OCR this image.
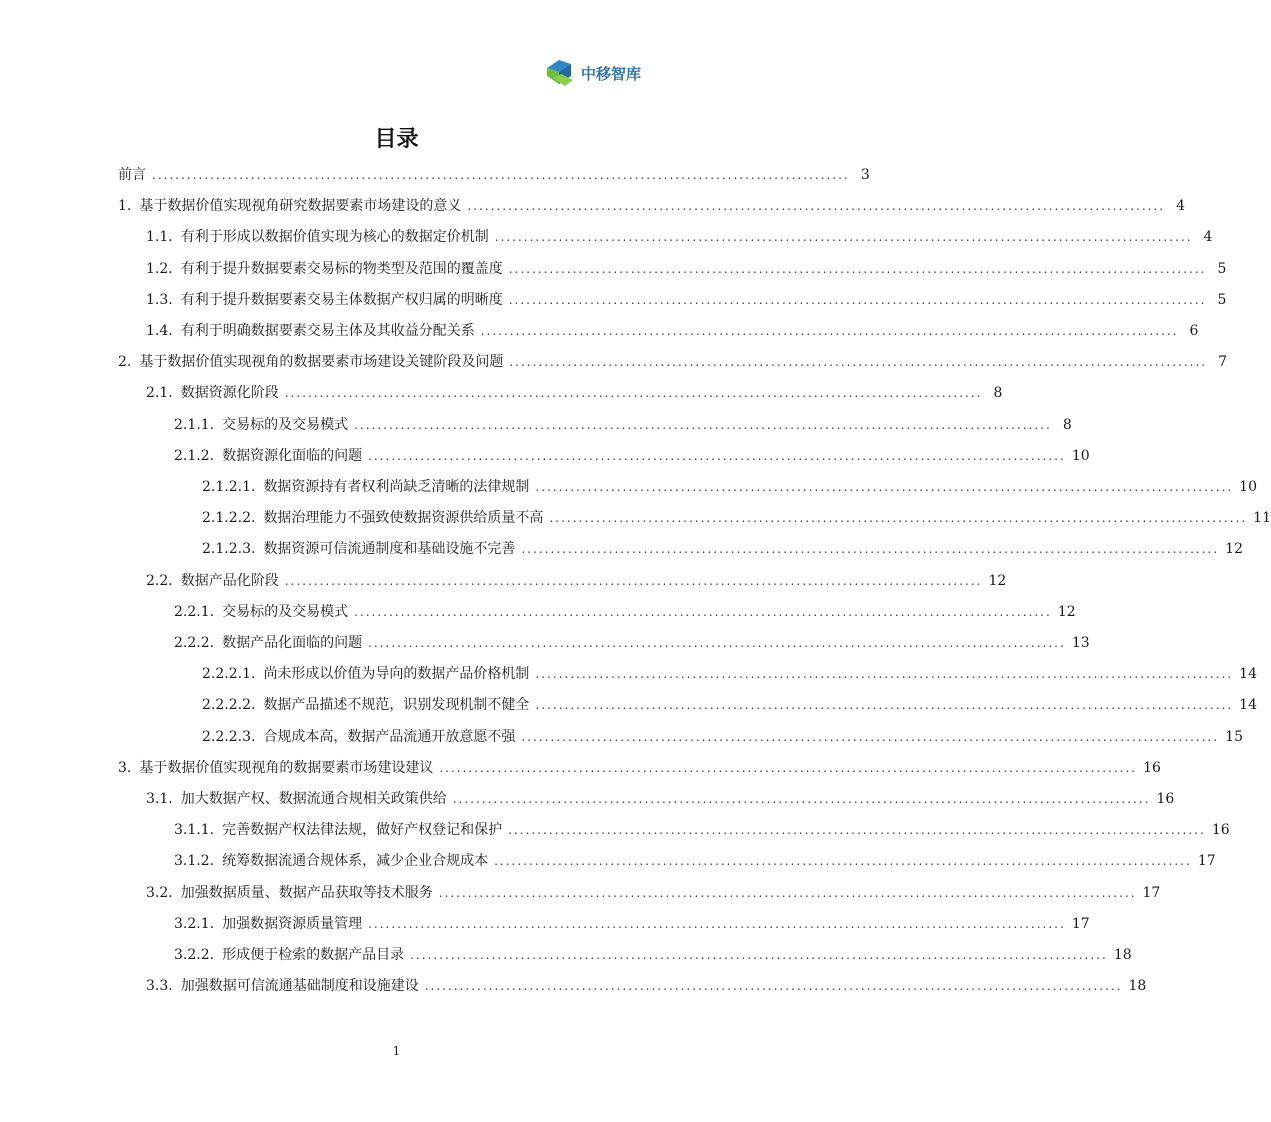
中移智库
目录
前言 ........................................................................................................................ 3
1. 基于数据价值实现视角研究数据要素市场建设的意义 ........................................................................................................................ 4
1.1. 有利于形成以数据价值实现为核心的数据定价机制 ........................................................................................................................ 4
1.2. 有利于提升数据要素交易标的物类型及范围的覆盖度 ........................................................................................................................ 5
1.3. 有利于提升数据要素交易主体数据产权归属的明晰度 ........................................................................................................................ 5
1.4. 有利于明确数据要素交易主体及其收益分配关系 ........................................................................................................................ 6
2. 基于数据价值实现视角的数据要素市场建设关键阶段及问题 ........................................................................................................................ 7
2.1. 数据资源化阶段 ........................................................................................................................ 8
2.1.1. 交易标的及交易模式 ........................................................................................................................ 8
2.1.2. 数据资源化面临的问题 ........................................................................................................................ 10
2.1.2.1. 数据资源持有者权利尚缺乏清晰的法律规制 ........................................................................................................................ 10
2.1.2.2. 数据治理能力不强致使数据资源供给质量不高 ........................................................................................................................ 11
2.1.2.3. 数据资源可信流通制度和基础设施不完善 ........................................................................................................................ 12
2.2. 数据产品化阶段 ........................................................................................................................ 12
2.2.1. 交易标的及交易模式 ........................................................................................................................ 12
2.2.2. 数据产品化面临的问题 ........................................................................................................................ 13
2.2.2.1. 尚未形成以价值为导向的数据产品价格机制 ........................................................................................................................ 14
2.2.2.2. 数据产品描述不规范，识别发现机制不健全 ........................................................................................................................ 14
2.2.2.3. 合规成本高，数据产品流通开放意愿不强 ........................................................................................................................ 15
3. 基于数据价值实现视角的数据要素市场建设建议 ........................................................................................................................ 16
3.1. 加大数据产权、数据流通合规相关政策供给 ........................................................................................................................ 16
3.1.1. 完善数据产权法律法规，做好产权登记和保护 ........................................................................................................................ 16
3.1.2. 统筹数据流通合规体系，减少企业合规成本 ........................................................................................................................ 17
3.2. 加强数据质量、数据产品获取等技术服务 ........................................................................................................................ 17
3.2.1. 加强数据资源质量管理 ........................................................................................................................ 17
3.2.2. 形成便于检索的数据产品目录 ........................................................................................................................ 18
3.3. 加强数据可信流通基础制度和设施建设 ........................................................................................................................ 18
1
